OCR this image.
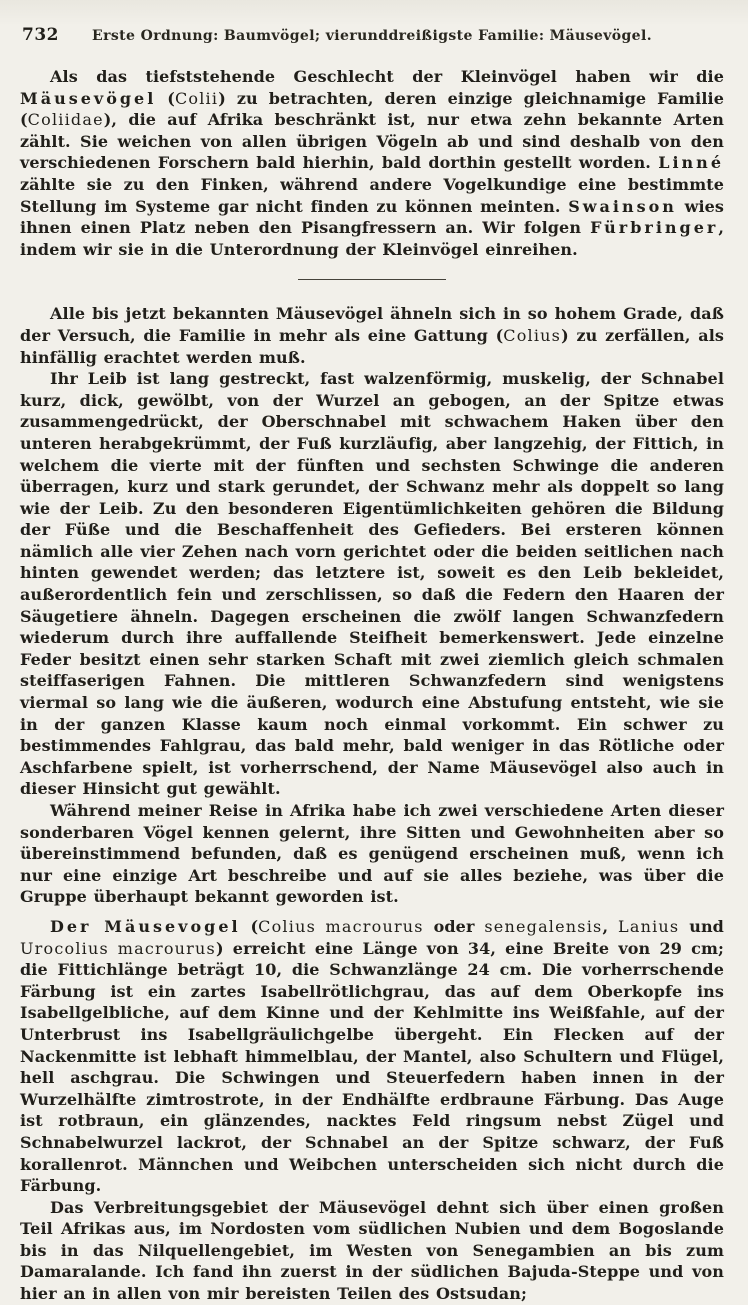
732	Erste Ordnung: Baumvögel; vierunddreißigste Familie: Mäusevögel.

Als das tiefststehende Geschlecht der Kleinvögel haben wir die Mäusevögel (Colii) zu betrachten, deren einzige gleichnamige Familie (Coliidae), die auf Afrika beschränkt ist, nur etwa zehn bekannte Arten zählt. Sie weichen von allen übrigen Vögeln ab und sind deshalb von den verschiedenen Forschern bald hierhin, bald dorthin gestellt worden. Linné zählte sie zu den Finken, während andere Vogelkundige eine bestimmte Stellung im Systeme gar nicht finden zu können meinten. Swainson wies ihnen einen Platz neben den Pisangfressern an. Wir folgen Fürbringer, indem wir sie in die Unterordnung der Kleinvögel einreihen.

Alle bis jetzt bekannten Mäusevögel ähneln sich in so hohem Grade, daß der Versuch, die Familie in mehr als eine Gattung (Colius) zu zerfällen, als hinfällig erachtet werden muß.

Ihr Leib ist lang gestreckt, fast walzenförmig, muskelig, der Schnabel kurz, dick, gewölbt, von der Wurzel an gebogen, an der Spitze etwas zusammengedrückt, der Oberschnabel mit schwachem Haken über den unteren herabgekrümmt, der Fuß kurzläufig, aber langzehig, der Fittich, in welchem die vierte mit der fünften und sechsten Schwinge die anderen überragen, kurz und stark gerundet, der Schwanz mehr als doppelt so lang wie der Leib. Zu den besonderen Eigentümlichkeiten gehören die Bildung der Füße und die Beschaffenheit des Gefieders. Bei ersteren können nämlich alle vier Zehen nach vorn gerichtet oder die beiden seitlichen nach hinten gewendet werden; das letztere ist, soweit es den Leib bekleidet, außerordentlich fein und zerschlissen, so daß die Federn den Haaren der Säugetiere ähneln. Dagegen erscheinen die zwölf langen Schwanzfedern wiederum durch ihre auffallende Steifheit bemerkenswert. Jede einzelne Feder besitzt einen sehr starken Schaft mit zwei ziemlich gleich schmalen steiffaserigen Fahnen. Die mittleren Schwanzfedern sind wenigstens viermal so lang wie die äußeren, wodurch eine Abstufung entsteht, wie sie in der ganzen Klasse kaum noch einmal vorkommt. Ein schwer zu bestimmendes Fahlgrau, das bald mehr, bald weniger in das Rötliche oder Aschfarbene spielt, ist vorherrschend, der Name Mäusevögel also auch in dieser Hinsicht gut gewählt.

Während meiner Reise in Afrika habe ich zwei verschiedene Arten dieser sonderbaren Vögel kennen gelernt, ihre Sitten und Gewohnheiten aber so übereinstimmend befunden, daß es genügend erscheinen muß, wenn ich nur eine einzige Art beschreibe und auf sie alles beziehe, was über die Gruppe überhaupt bekannt geworden ist.

Der Mäusevogel (Colius macrourus oder senegalensis, Lanius und Urocolius macrourus) erreicht eine Länge von 34, eine Breite von 29 cm; die Fittichlänge beträgt 10, die Schwanzlänge 24 cm. Die vorherrschende Färbung ist ein zartes Isabellrötlichgrau, das auf dem Oberkopfe ins Isabellgelbliche, auf dem Kinne und der Kehlmitte ins Weißfahle, auf der Unterbrust ins Isabellgräulichgelbe übergeht. Ein Flecken auf der Nackenmitte ist lebhaft himmelblau, der Mantel, also Schultern und Flügel, hell aschgrau. Die Schwingen und Steuerfedern haben innen in der Wurzelhälfte zimtrostrote, in der Endhälfte erdbraune Färbung. Das Auge ist rotbraun, ein glänzendes, nacktes Feld ringsum nebst Zügel und Schnabelwurzel lackrot, der Schnabel an der Spitze schwarz, der Fuß korallenrot. Männchen und Weibchen unterscheiden sich nicht durch die Färbung.

Das Verbreitungsgebiet der Mäusevögel dehnt sich über einen großen Teil Afrikas aus, im Nordosten vom südlichen Nubien und dem Bogoslande bis in das Nilquellengebiet, im Westen von Senegambien an bis zum Damaralande. Ich fand ihn zuerst in der südlichen Bajuda-Steppe und von hier an in allen von mir bereisten Teilen des Ostsudan;
